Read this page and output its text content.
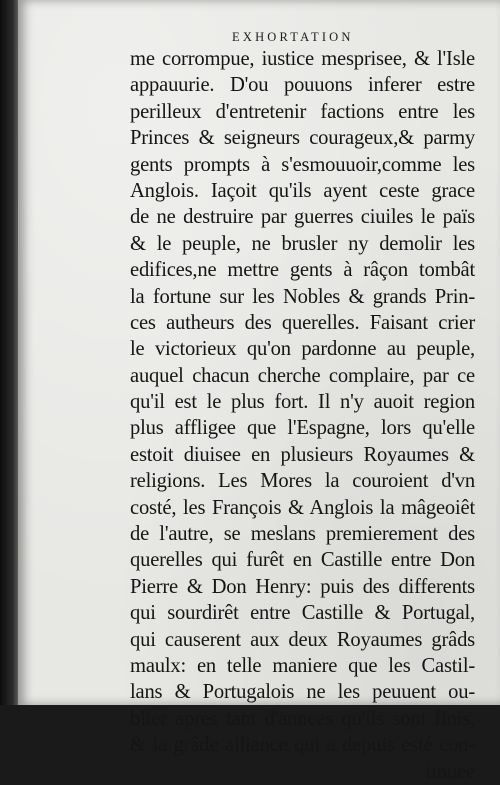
EXHORTATION
me corrompue, iustice mesprisee, & l'Isle
appauurie. D'ou pouuons inferer estre
perilleux d'entretenir factions entre les
Princes & seigneurs courageux,& parmy
gents prompts à s'esmouuoir,comme les
Anglois. Iaçoit qu'ils ayent ceste grace
de ne destruire par guerres ciuiles le païs
& le peuple, ne brusler ny demolir les
edifices,ne mettre gents à râçon tombât
la fortune sur les Nobles & grands Prin-
ces autheurs des querelles. Faisant crier
le victorieux qu'on pardonne au peuple,
auquel chacun cherche complaire, par ce
qu'il est le plus fort. Il n'y auoit region
plus affligee que l'Espagne, lors qu'elle
estoit diuisee en plusieurs Royaumes &
religions. Les Mores la couroient d'vn
costé, les François & Anglois la mâgeoiêt
de l'autre, se meslans premierement des
querelles qui furêt en Castille entre Don
Pierre & Don Henry: puis des differents
qui sourdirêt entre Castille & Portugal,
qui causerent aux deux Royaumes grâds
maulx: en telle maniere que les Castil-
lans & Portugalois ne les peuuent ou-
blier apres tant d'annees qu'ils sont finis,
& la grâde alliance qui a depuis esté con-
tinuee
